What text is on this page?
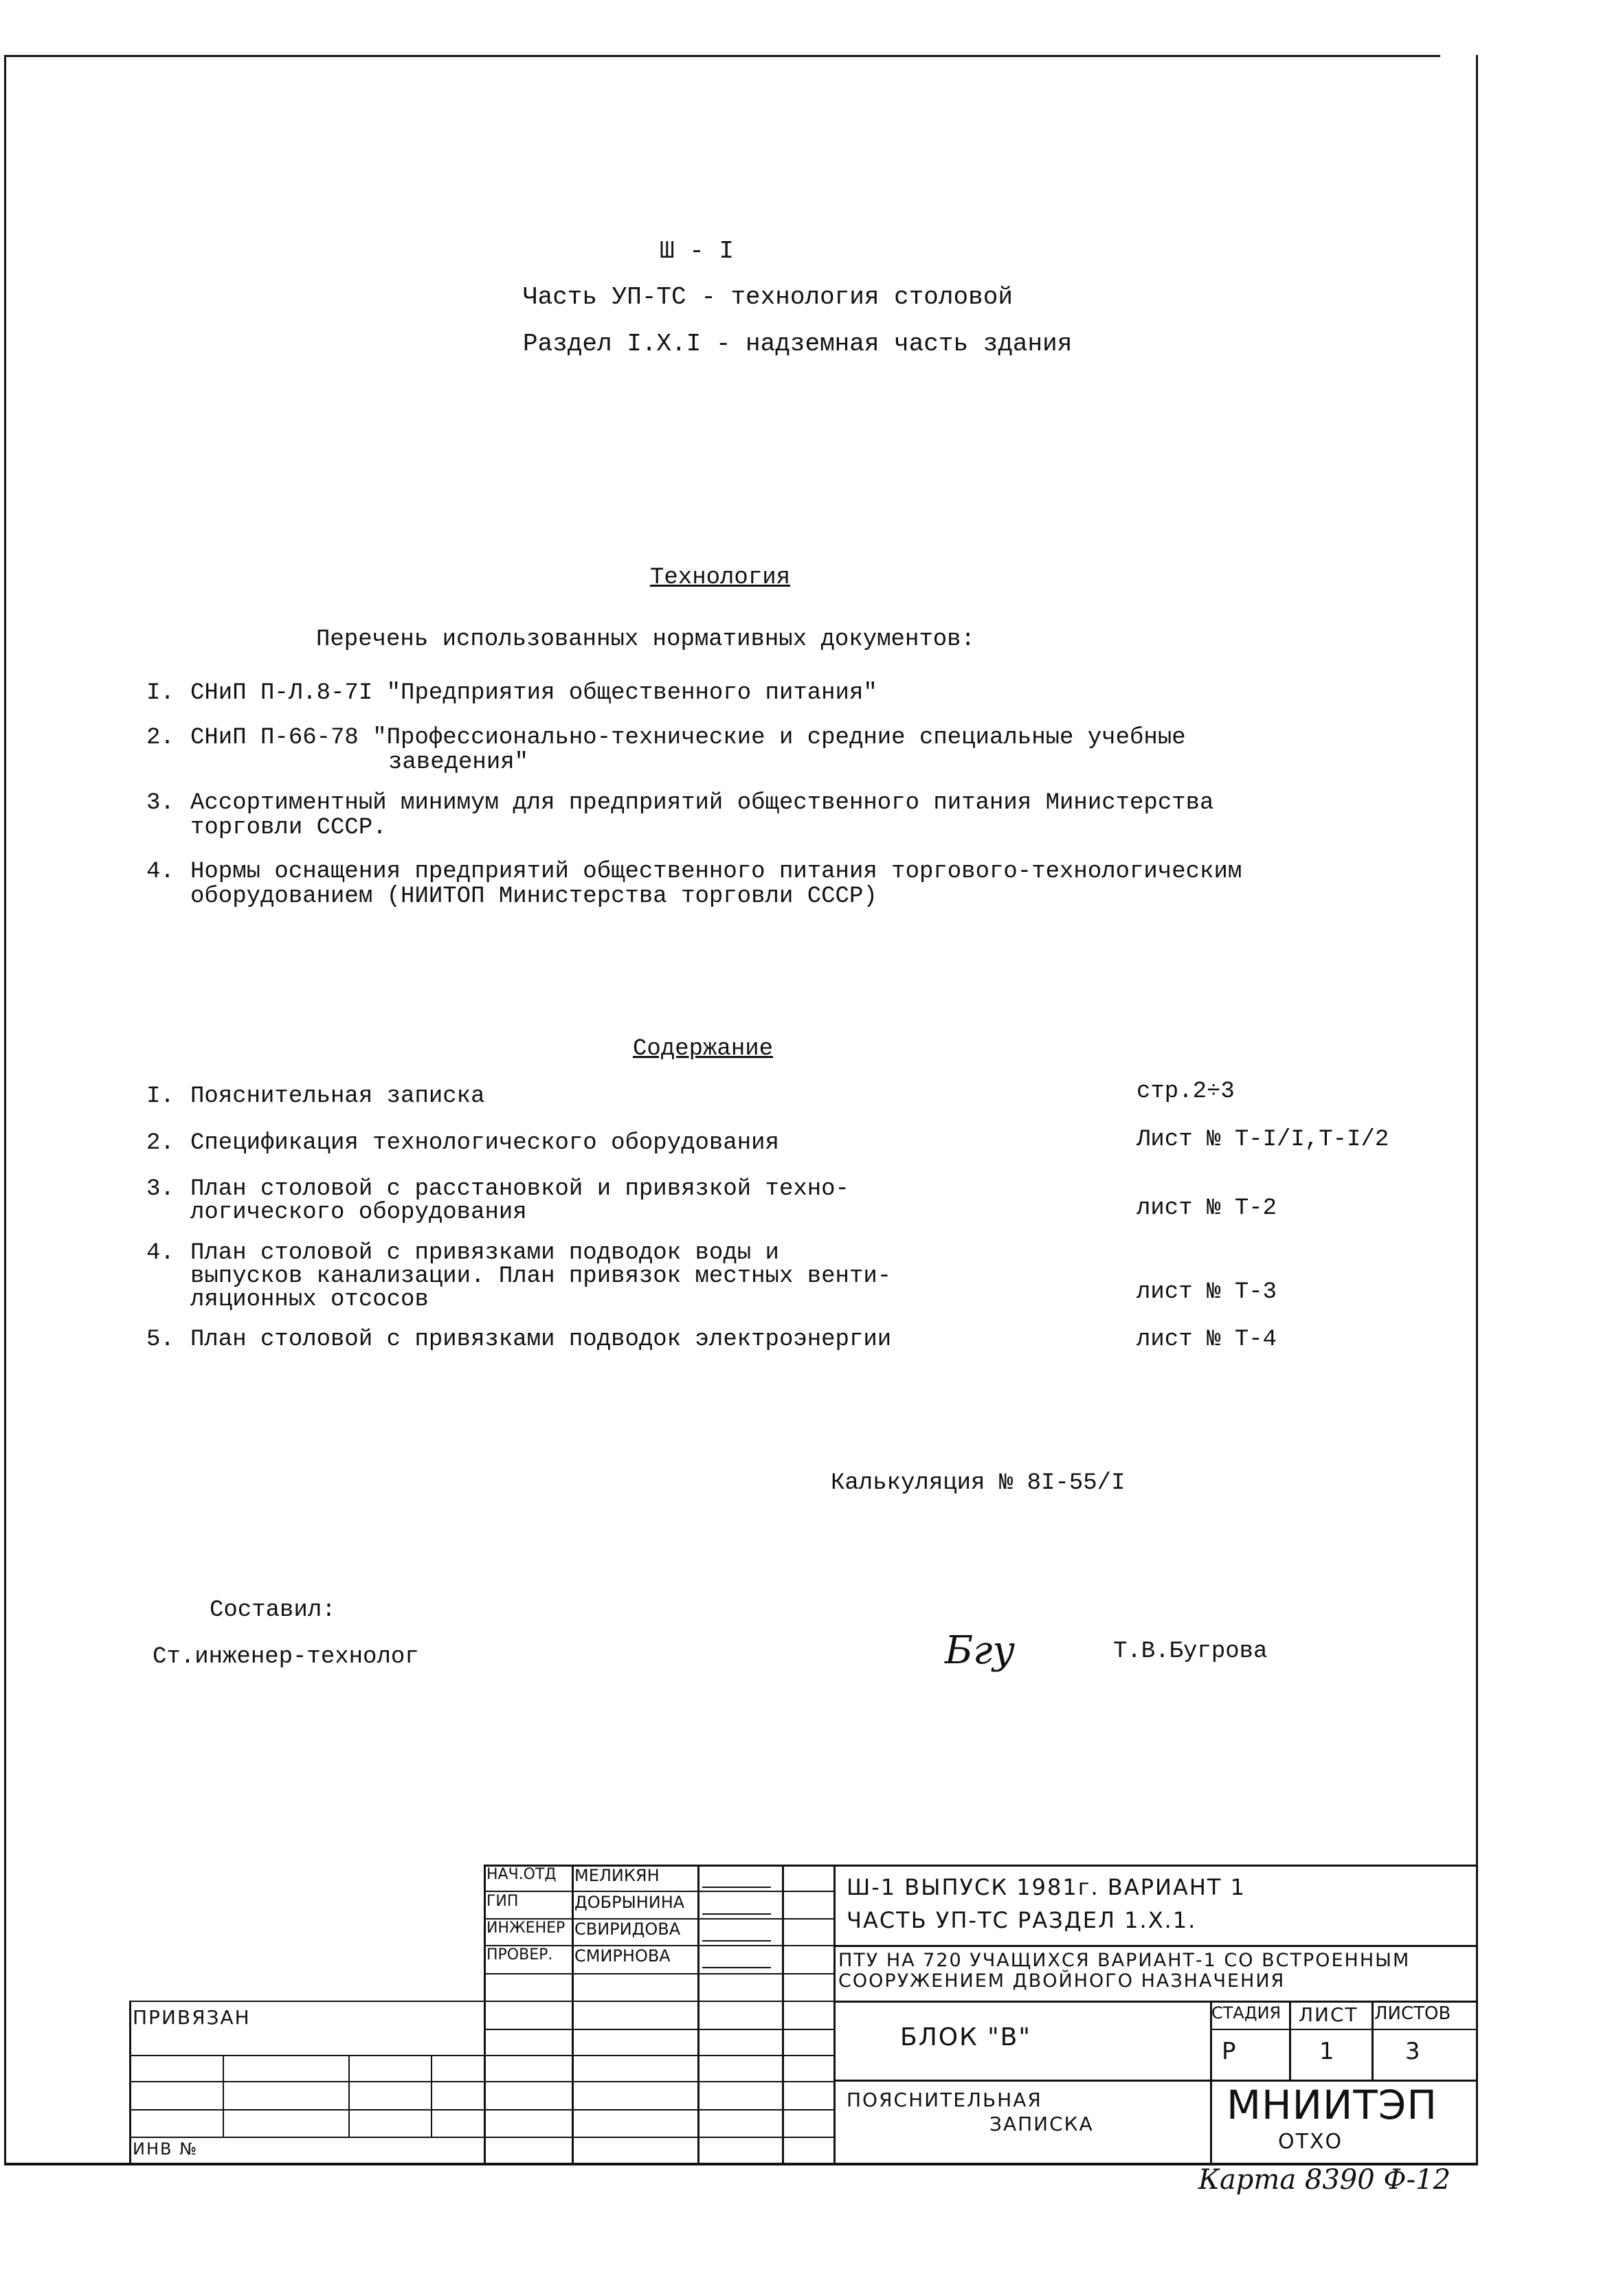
Ш - I
Часть УП-ТС - технология столовой
Раздел I.X.I - надземная часть здания
Технология
Перечень использованных нормативных документов:
I. СНиП П-Л.8-7I "Предприятия общественного питания"
2. СНиП П-66-78 "Профессионально-технические и средние специальные учебные
заведения"
3. Ассортиментный минимум для предприятий общественного питания Министерства
торговли СССР.
4. Нормы оснащения предприятий общественного питания торгового-технологическим
оборудованием (НИИТОП Министерства торговли СССР)
Содержание
I. Пояснительная записка	стр.2÷3
2. Спецификация технологического оборудования	Лист № Т-I/I,Т-I/2
3. План столовой с расстановкой и привязкой техно-
логического оборудования	лист № Т-2
4. План столовой с привязками подводок воды и
выпусков канализации. План привязок местных венти-
ляционных отсосов	лист № Т-3
5. План столовой с привязками подводок электроэнергии	лист № Т-4
Калькуляция № 8I-55/I
Составил:
Ст.инженер-технолог	Бгу	Т.В.Бугрова
НАЧ.ОТД МЕЛИКЯН
ГИП	ДОБРЫНИНА
ИНЖЕНЕР СВИРИДОВА
ПРОВЕР. СМИРНОВА
Ш-1 ВЫПУСК 1981г. ВАРИАНТ 1
ЧАСТЬ УП-ТС РАЗДЕЛ 1.Х.1.
ПТУ НА 720 УЧАЩИХСЯ ВАРИАНТ-1 СО ВСТРОЕННЫМ
СООРУЖЕНИЕМ ДВОЙНОГО НАЗНАЧЕНИЯ
БЛОК "В"
СТАДИЯ ЛИСТ ЛИСТОВ
Р	1	3
ПОЯСНИТЕЛЬНАЯ
ЗАПИСКА	МНИИТЭП
ОТХО
ПРИВЯЗАН
ИНВ №
Карта 8390 Ф-12
